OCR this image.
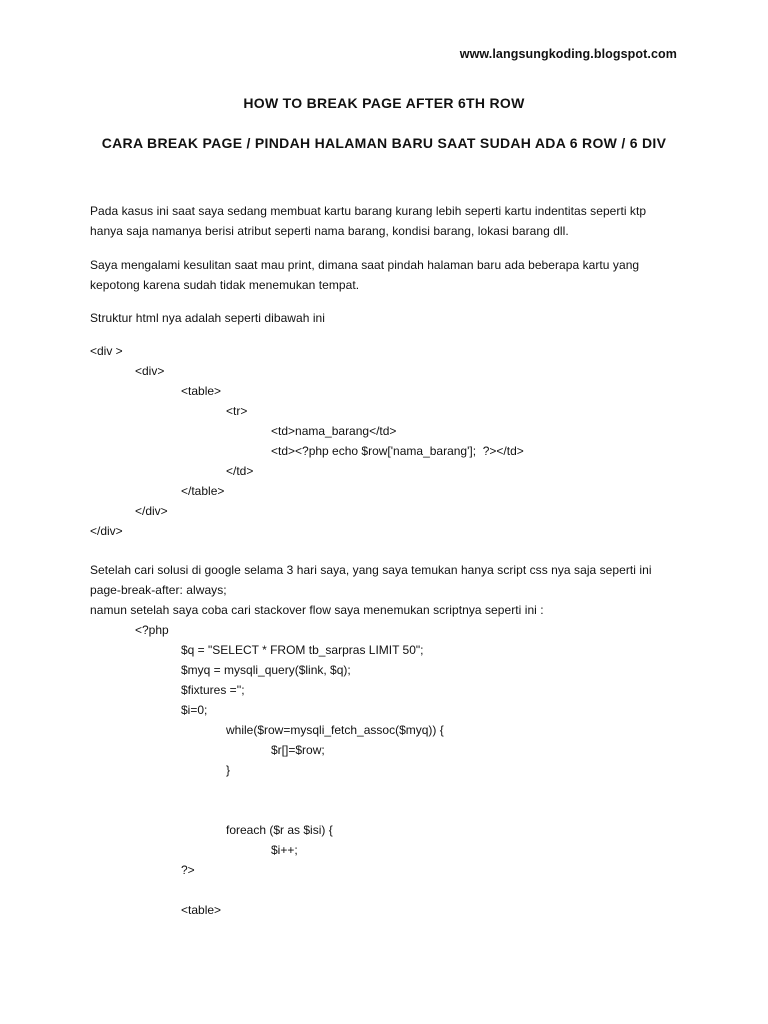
www.langsungkoding.blogspot.com
HOW TO BREAK PAGE AFTER 6TH ROW
CARA BREAK PAGE / PINDAH HALAMAN BARU SAAT SUDAH ADA 6 ROW / 6 DIV
Pada kasus ini saat saya sedang membuat kartu barang kurang lebih seperti kartu indentitas seperti ktp
hanya saja namanya berisi atribut seperti nama barang, kondisi barang, lokasi barang dll.
Saya mengalami kesulitan saat mau print, dimana saat pindah halaman baru ada beberapa kartu yang
kepotong karena sudah tidak menemukan tempat.
Struktur html nya adalah seperti dibawah ini
<div >
<div>
<table>
<tr>
<td>nama_barang</td>
<td><?php echo $row['nama_barang'];  ?></td>
</td>
</table>
</div>
</div>
Setelah cari solusi di google selama 3 hari saya, yang saya temukan hanya script css nya saja seperti ini
page-break-after: always;
namun setelah saya coba cari stackover flow saya menemukan scriptnya seperti ini :
<?php
$q = "SELECT * FROM tb_sarpras LIMIT 50";
$myq = mysqli_query($link, $q);
$fixtures ='';
$i=0;
while($row=mysqli_fetch_assoc($myq)) {
$r[]=$row;
}
foreach ($r as $isi) {
$i++;
?>
<table>
